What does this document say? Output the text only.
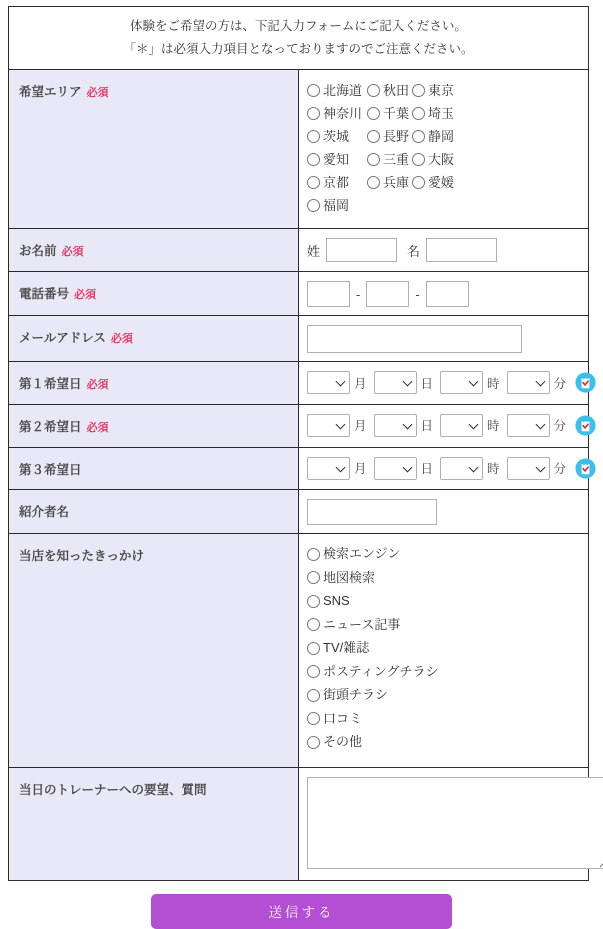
体験をご希望の方は、下記入力フォームにご記入ください。
「＊」は必須入力項目となっておりますのでご注意ください。	

希望エリア 必須	北海道 秋田 東京
神奈川 千葉 埼玉
茨城	長野 静岡
愛知	三重 大阪
京都	兵庫 愛媛
福岡

お名前 必須	姓 名

電話番号 必須	- -

メールアドレス 必須	
第１希望日 必須	月 日 時 分

第２希望日 必須	月 日 時 分

第３希望日	月 日 時 分

紹介者名	
当店を知ったきっかけ	検索エンジン
地図検索
SNS
ニュース記事
TV/雑誌
ポスティングチラシ
街頭チラシ
口コミ
その他

当日のトレーナーへの要望、質問	
送信する
